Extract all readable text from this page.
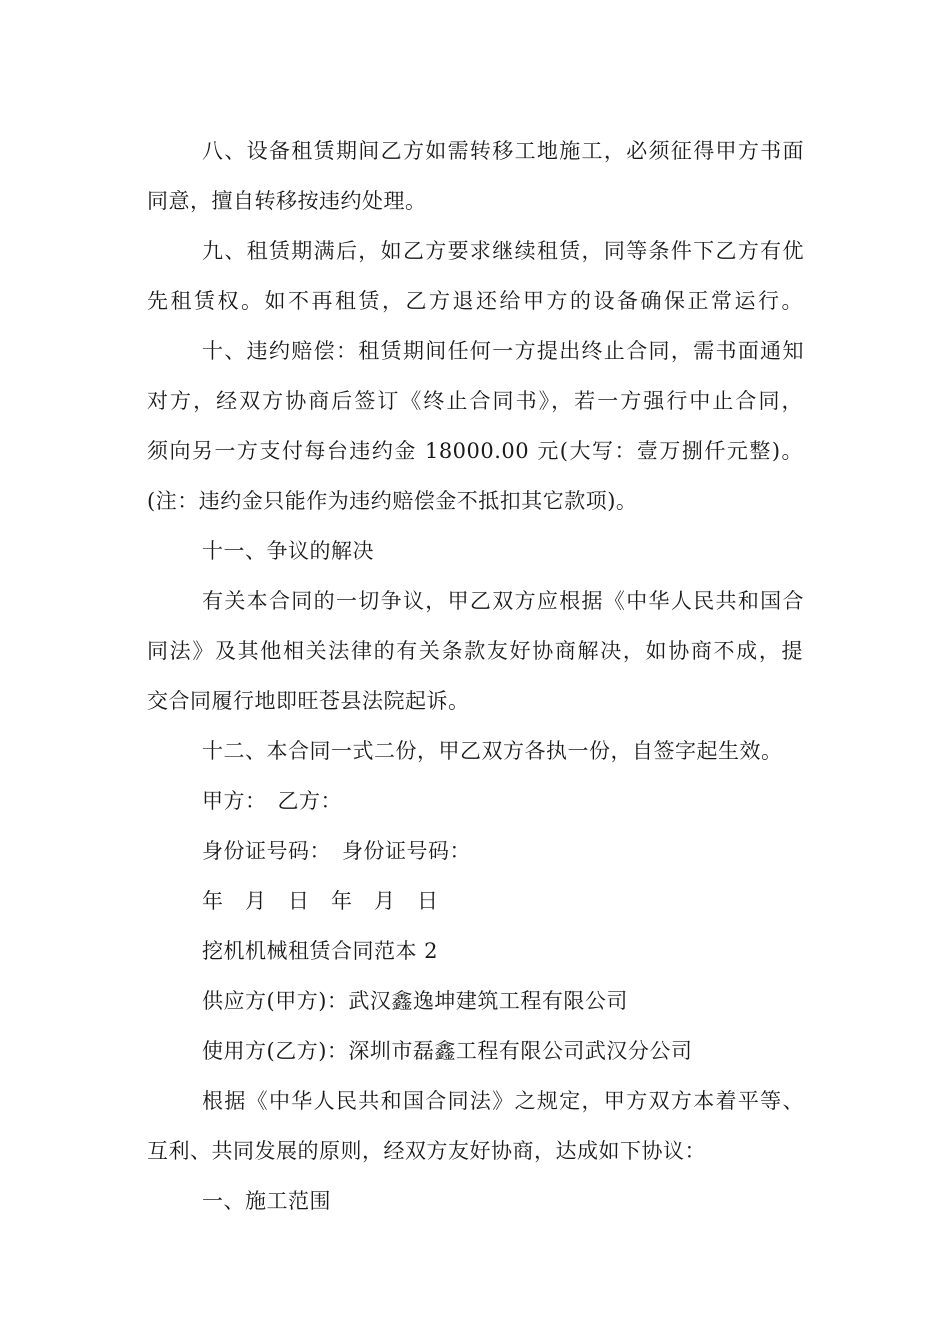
八、设备租赁期间乙方如需转移工地施工，必须征得甲方书面
同意，擅自转移按违约处理。
九、租赁期满后，如乙方要求继续租赁，同等条件下乙方有优
先租赁权。如不再租赁，乙方退还给甲方的设备确保正常运行。
十、违约赔偿：租赁期间任何一方提出终止合同，需书面通知
对方，经双方协商后签订《终止合同书》，若一方强行中止合同，
须向另一方支付每台违约金 18000.00 元(大写：壹万捌仟元整)。
(注：违约金只能作为违约赔偿金不抵扣其它款项)。
十一、争议的解决
有关本合同的一切争议，甲乙双方应根据《中华人民共和国合
同法》及其他相关法律的有关条款友好协商解决，如协商不成，提
交合同履行地即旺苍县法院起诉。
十二、本合同一式二份，甲乙双方各执一份，自签字起生效。
甲方：　乙方：
身份证号码：　身份证号码：
年　月　日　年　月　日
挖机机械租赁合同范本 2
供应方(甲方)：武汉鑫逸坤建筑工程有限公司
使用方(乙方)：深圳市磊鑫工程有限公司武汉分公司
根据《中华人民共和国合同法》之规定，甲方双方本着平等、
互利、共同发展的原则，经双方友好协商，达成如下协议：
一、施工范围
